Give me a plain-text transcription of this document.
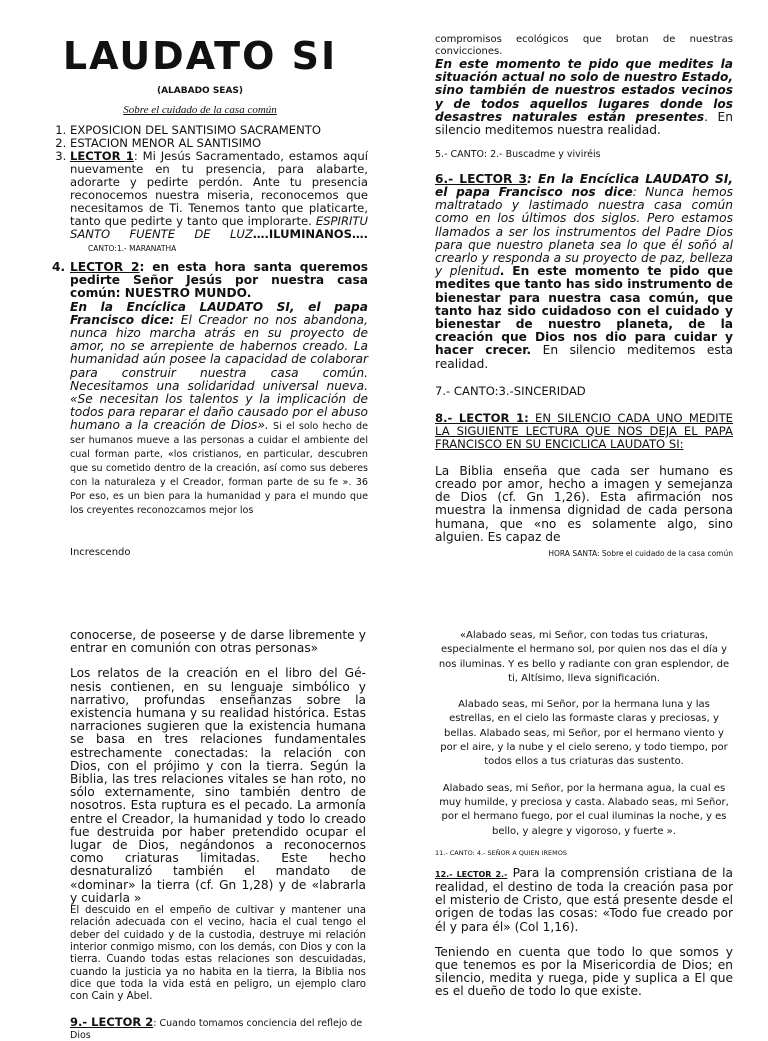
LAUDATO SI
(ALABADO SEAS)
Sobre el cuidado de la casa común
1. EXPOSICION DEL SANTISIMO SACRAMENTO
2. ESTACION MENOR AL SANTISIMO
3. LECTOR 1: Mi Jesús Sacramentado, estamos aquí nuevamente en tu presencia, para alabarte, adorarte y pedirte perdón. Ante tu presencia reconocemos nuestra miseria, reconocemos que necesitamos de Ti. Tenemos tanto que platicarte, tanto que pedirte y tanto que implorarte. ESPIRITU SANTO FUENTE DE LUZ….ILUMINANOS…. CANTO:1.- MARANATHA
4. LECTOR 2: en esta hora santa queremos pedirte Señor Jesús por nuestra casa común: NUESTRO MUNDO.
En la Encíclica LAUDATO SI, el papa Francisco dice: El Creador no nos abandona, nunca hizo marcha atrás en su proyecto de amor, no se arrepiente de habernos creado. La humanidad aún posee la capacidad de colaborar para construir nuestra casa común. Necesitamos una solidaridad universal nueva. «Se necesitan los talentos y la implicación de todos para reparar el daño causado por el abuso humano a la creación de Dios». Si el solo hecho de ser humanos mueve a las personas a cuidar el ambiente del cual forman parte, «los cristianos, en particular, descubren que su cometido dentro de la creación, así como sus deberes con la naturaleza y el Creador, forman parte de su fe ». 36 Por eso, es un bien para la humanidad y para el mundo que los creyentes reconozcamos mejor los
Increscendo

compromisos ecológicos que brotan de nuestras convicciones.

En este momento te pido que medites la situación actual no solo de nuestro Estado, sino también de nuestros estados vecinos y de todos aquellos lugares donde los desastres naturales están presentes. En silencio meditemos nuestra realidad.

5.- CANTO: 2.- Buscadme y viviréis

6.- LECTOR 3: En la Encíclica LAUDATO SI, el papa Francisco nos dice: Nunca hemos maltratado y lastimado nuestra casa común como en los últimos dos siglos. Pero estamos llamados a ser los instrumentos del Padre Dios para que nuestro planeta sea lo que él soñó al crearlo y responda a su proyecto de paz, belleza y plenitud. En este momento te pido que medites que tanto has sido instrumento de bienestar para nuestra casa común, que tanto haz sido cuidadoso con el cuidado y bienestar de nuestro planeta, de la creación que Dios nos dio para cuidar y hacer crecer. En silencio meditemos esta realidad.

7.- CANTO:3.-SINCERIDAD

8.- LECTOR 1: EN SILENCIO CADA UNO MEDITE LA SIGUIENTE LECTURA QUE NOS DEJA EL PAPA FRANCISCO EN SU ENCICLICA LAUDATO SI:

La Biblia enseña que cada ser humano es creado por amor, hecho a imagen y semejanza de Dios (cf. Gn 1,26). Esta afirmación nos muestra la inmensa dignidad de cada persona humana, que «no es solamente algo, sino alguien. Es capaz de

HORA SANTA: Sobre el cuidado de la casa común

conocerse, de poseerse y de darse libremente y entrar en comunión con otras personas»

Los relatos de la creación en el libro del Gé- nesis contienen, en su lenguaje simbólico y narrativo, profundas enseñanzas sobre la existencia humana y su realidad histórica. Estas narraciones sugieren que la existencia humana se basa en tres relaciones fundamentales estrechamente conectadas: la relación con Dios, con el prójimo y con la tierra. Según la Biblia, las tres relaciones vitales se han roto, no sólo externamente, sino también dentro de nosotros. Esta ruptura es el pecado. La armonía entre el Creador, la humanidad y todo lo creado fue destruida por haber pretendido ocupar el lugar de Dios, negándonos a reconocernos como criaturas limitadas. Este hecho desnaturalizó también el mandato de «dominar» la tierra (cf. Gn 1,28) y de «labrarla y cuidarla »

El descuido en el empeño de cultivar y mantener una relación adecuada con el vecino, hacia el cual tengo el deber del cuidado y de la custodia, destruye mi relación interior conmigo mismo, con los demás, con Dios y con la tierra. Cuando todas estas relaciones son descuidadas, cuando la justicia ya no habita en la tierra, la Biblia nos dice que toda la vida está en peligro, un ejemplo claro con Cain y Abel.

9.- LECTOR 2: Cuando tomamos conciencia del reflejo de Dios

«Alabado seas, mi Señor, con todas tus criaturas, especialmente el hermano sol, por quien nos das el día y nos iluminas. Y es bello y radiante con gran esplendor, de ti, Altísimo, lleva significación.

Alabado seas, mi Señor, por la hermana luna y las estrellas, en el cielo las formaste claras y preciosas, y bellas. Alabado seas, mi Señor, por el hermano viento y por el aire, y la nube y el cielo sereno, y todo tiempo, por todos ellos a tus criaturas das sustento.

Alabado seas, mi Señor, por la hermana agua, la cual es muy humilde, y preciosa y casta. Alabado seas, mi Señor, por el hermano fuego, por el cual iluminas la noche, y es bello, y alegre y vigoroso, y fuerte ».

11.- CANTO: 4.- SEÑOR A QUIEN IREMOS

12.- LECTOR 2.- Para la comprensión cristiana de la realidad, el destino de toda la creación pasa por el misterio de Cristo, que está presente desde el origen de todas las cosas: «Todo fue creado por él y para él» (Col 1,16).

Teniendo en cuenta que todo lo que somos y que tenemos es por la Misericordia de Dios; en silencio, medita y ruega, pide y suplica a El que es el dueño de todo lo que existe.
